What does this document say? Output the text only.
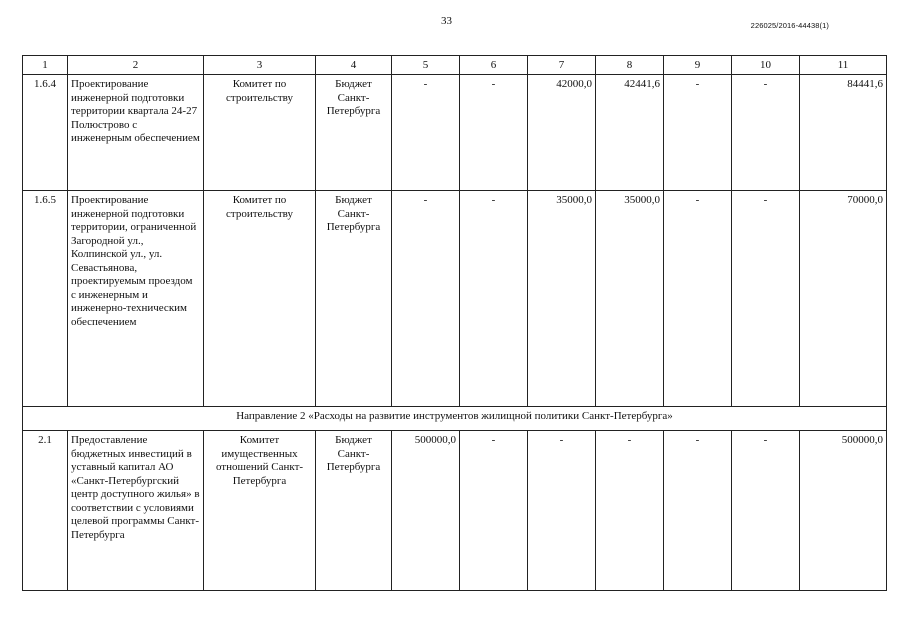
33	226025/2016-44438(1)
1	2	3	4	5	6	7	8	9	10	11
1.6.4	Проектирование инженерной подготовки территории квартала 24-27 Полюстрово с инженерным обеспечением	Комитет по строительству	Бюджет Санкт-Петербурга	-	-	42000,0	42441,6	-	-	84441,6
1.6.5	Проектирование инженерной подготовки территории, ограниченной Загородной ул., Колпинской ул., ул. Севастьянова, проектируемым проездом с инженерным и инженерно-техническим обеспечением	Комитет по строительству	Бюджет Санкт-Петербурга	-	-	35000,0	35000,0	-	-	70000,0
Направление 2 «Расходы на развитие инструментов жилищной политики Санкт-Петербурга»										
2.1	Предоставление бюджетных инвестиций в уставный капитал АО «Санкт-Петербургский центр доступного жилья» в соответствии с условиями целевой программы Санкт-Петербурга	Комитет имущественных отношений Санкт-Петербурга	Бюджет Санкт-Петербурга	500000,0	-	-	-	-	-	500000,0
